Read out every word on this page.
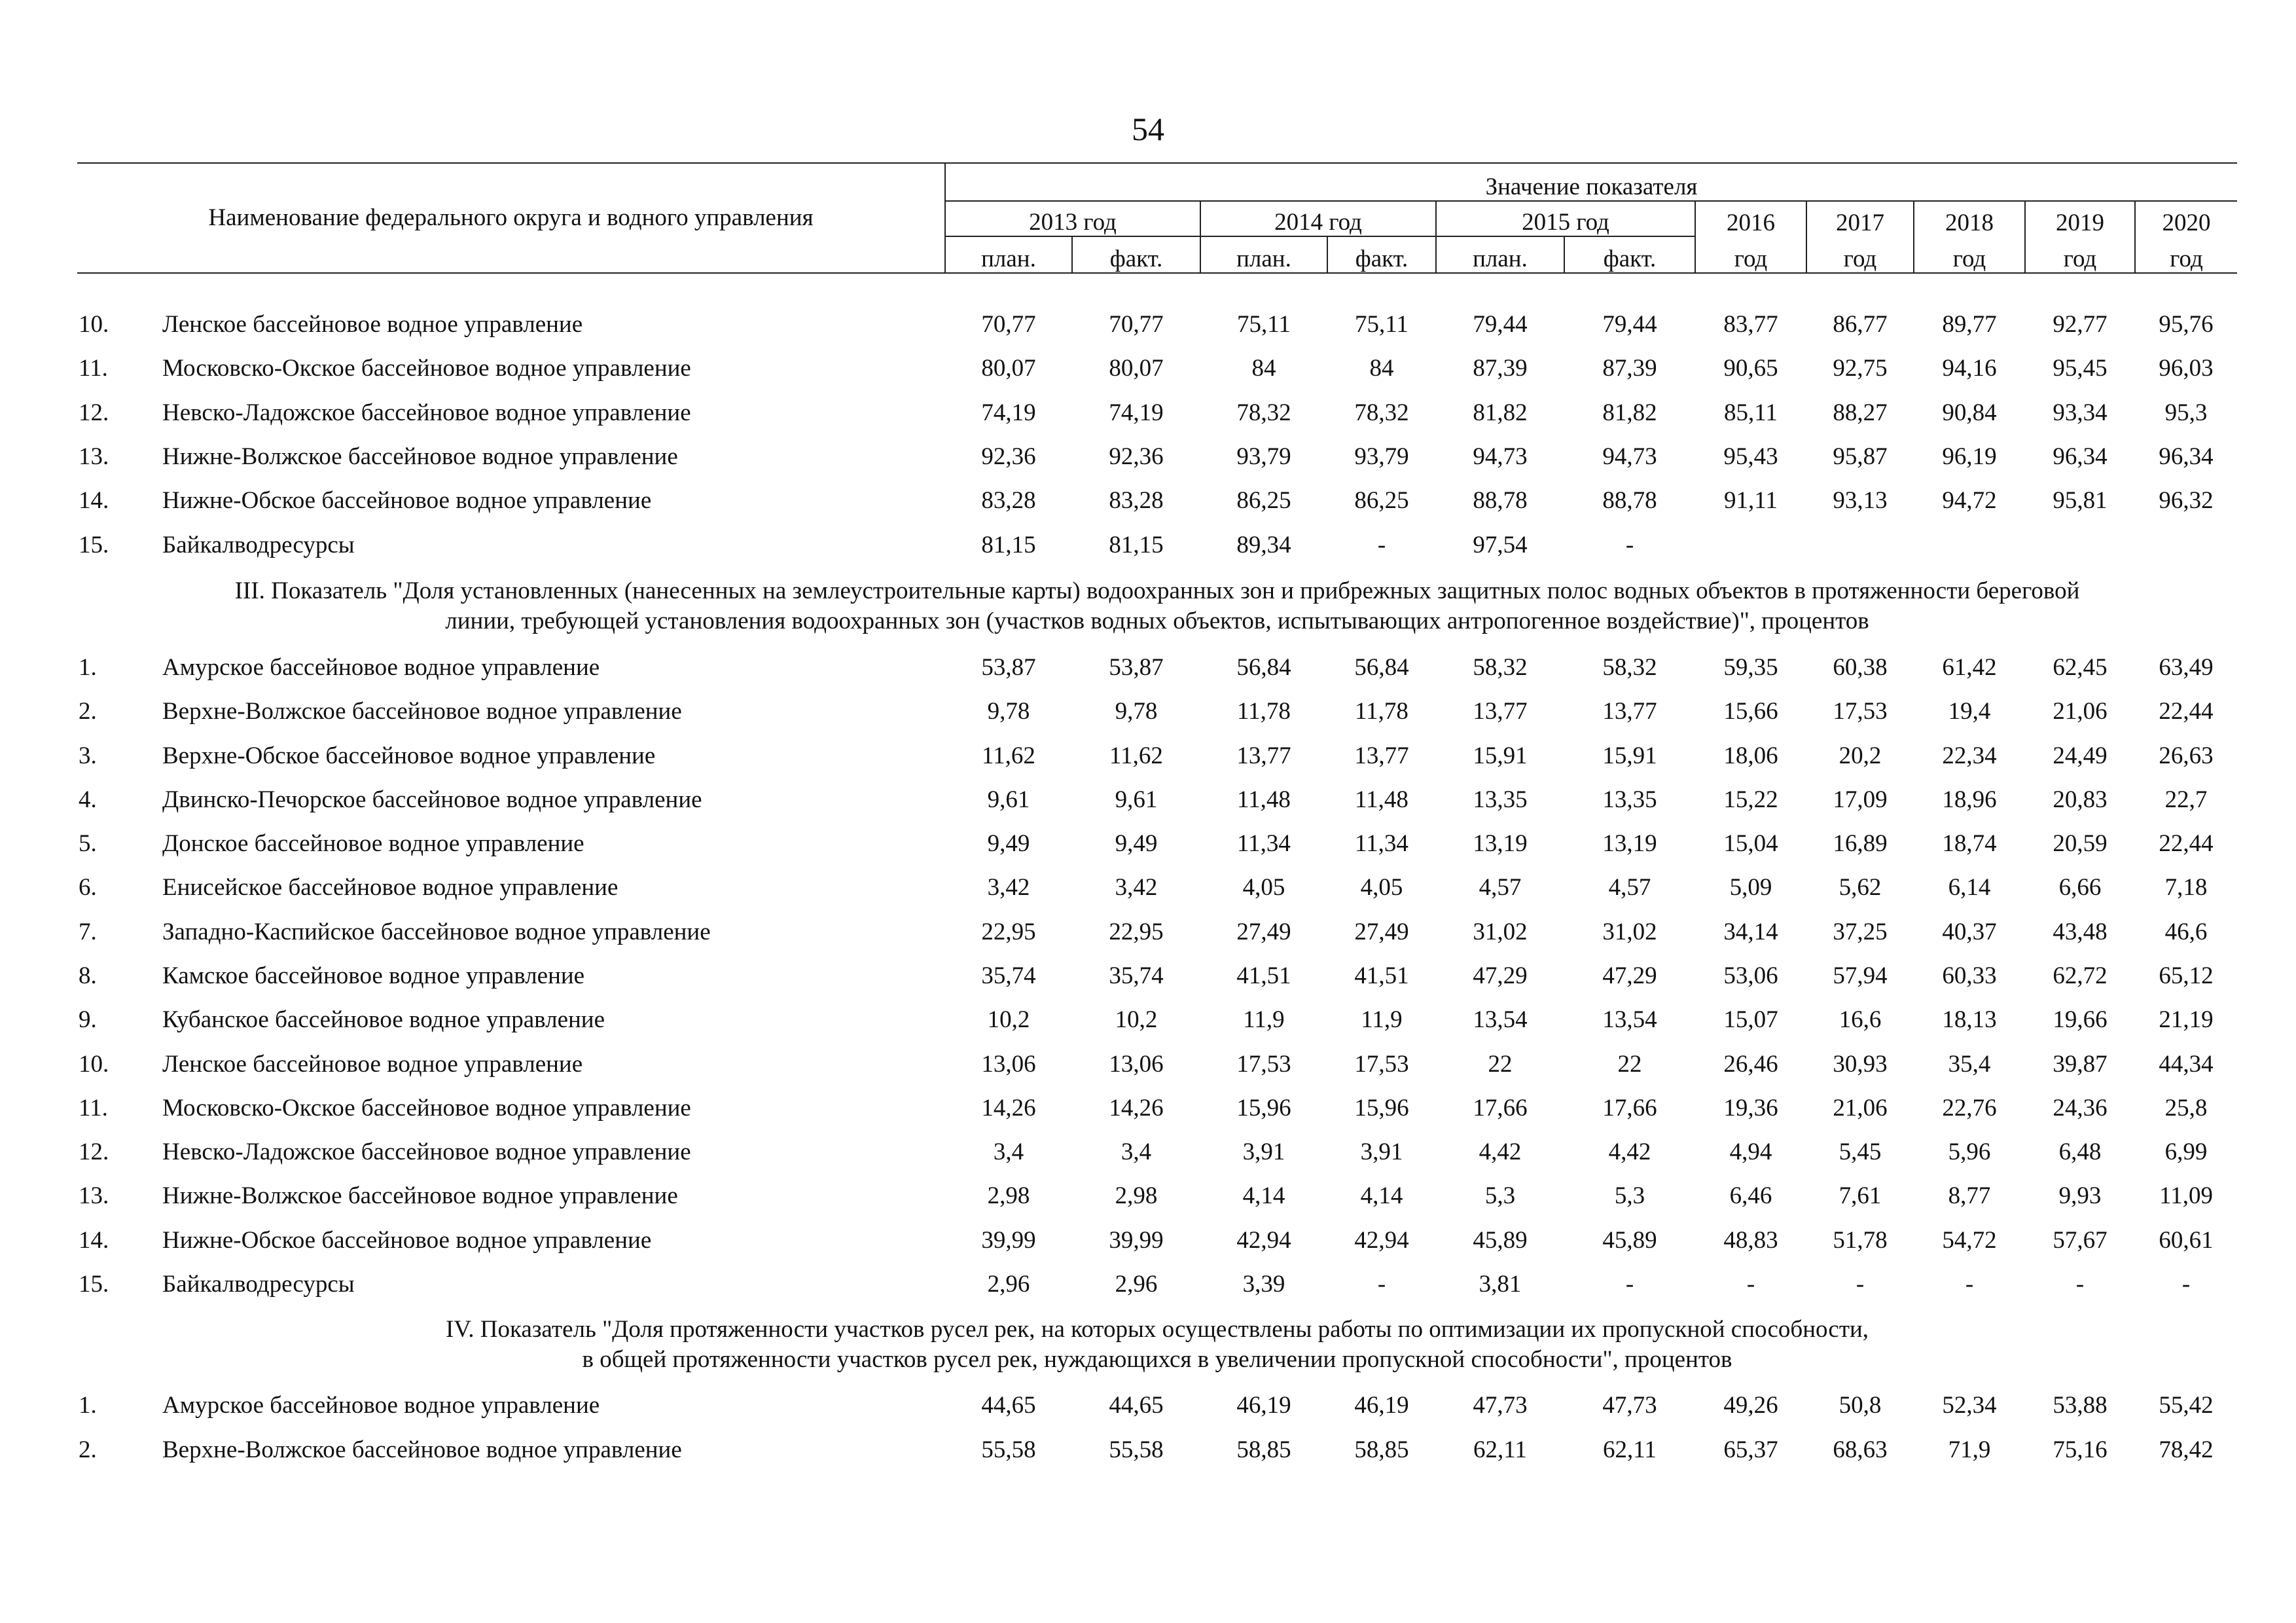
54
Наименование федерального округа и водного управления		Значение показателя										
		2013 год		2014 год		2015 год		2016	2017	2018	2019	2020
		план.	факт.	план.	факт.	план.	факт.	год	год	год	год	год

10.	Ленское бассейновое водное управление	70,77	70,77	75,11	75,11	79,44	79,44	83,77	86,77	89,77	92,77	95,76
11.	Московско-Окское бассейновое водное управление	80,07	80,07	84	84	87,39	87,39	90,65	92,75	94,16	95,45	96,03
12.	Невско-Ладожское бассейновое водное управление	74,19	74,19	78,32	78,32	81,82	81,82	85,11	88,27	90,84	93,34	95,3
13.	Нижне-Волжское бассейновое водное управление	92,36	92,36	93,79	93,79	94,73	94,73	95,43	95,87	96,19	96,34	96,34
14.	Нижне-Обское бассейновое водное управление	83,28	83,28	86,25	86,25	88,78	88,78	91,11	93,13	94,72	95,81	96,32
15.	Байкалводресурсы	81,15	81,15	89,34	-	97,54	-					

III. Показатель "Доля установленных (нанесенных на землеустроительные карты) водоохранных зон и прибрежных защитных полос водных объектов в протяженности береговой
линии, требующей установления водоохранных зон (участков водных объектов, испытывающих антропогенное воздействие)", процентов												

1.	Амурское бассейновое водное управление	53,87	53,87	56,84	56,84	58,32	58,32	59,35	60,38	61,42	62,45	63,49
2.	Верхне-Волжское бассейновое водное управление	9,78	9,78	11,78	11,78	13,77	13,77	15,66	17,53	19,4	21,06	22,44
3.	Верхне-Обское бассейновое водное управление	11,62	11,62	13,77	13,77	15,91	15,91	18,06	20,2	22,34	24,49	26,63
4.	Двинско-Печорское бассейновое водное управление	9,61	9,61	11,48	11,48	13,35	13,35	15,22	17,09	18,96	20,83	22,7
5.	Донское бассейновое водное управление	9,49	9,49	11,34	11,34	13,19	13,19	15,04	16,89	18,74	20,59	22,44
6.	Енисейское бассейновое водное управление	3,42	3,42	4,05	4,05	4,57	4,57	5,09	5,62	6,14	6,66	7,18
7.	Западно-Каспийское бассейновое водное управление	22,95	22,95	27,49	27,49	31,02	31,02	34,14	37,25	40,37	43,48	46,6
8.	Камское бассейновое водное управление	35,74	35,74	41,51	41,51	47,29	47,29	53,06	57,94	60,33	62,72	65,12
9.	Кубанское бассейновое водное управление	10,2	10,2	11,9	11,9	13,54	13,54	15,07	16,6	18,13	19,66	21,19
10.	Ленское бассейновое водное управление	13,06	13,06	17,53	17,53	22	22	26,46	30,93	35,4	39,87	44,34
11.	Московско-Окское бассейновое водное управление	14,26	14,26	15,96	15,96	17,66	17,66	19,36	21,06	22,76	24,36	25,8
12.	Невско-Ладожское бассейновое водное управление	3,4	3,4	3,91	3,91	4,42	4,42	4,94	5,45	5,96	6,48	6,99
13.	Нижне-Волжское бассейновое водное управление	2,98	2,98	4,14	4,14	5,3	5,3	6,46	7,61	8,77	9,93	11,09
14.	Нижне-Обское бассейновое водное управление	39,99	39,99	42,94	42,94	45,89	45,89	48,83	51,78	54,72	57,67	60,61
15.	Байкалводресурсы	2,96	2,96	3,39	-	3,81	-	-	-	-	-	-

IV. Показатель "Доля протяженности участков русел рек, на которых осуществлены работы по оптимизации их пропускной способности,
в общей протяженности участков русел рек, нуждающихся в увеличении пропускной способности", процентов												

1.	Амурское бассейновое водное управление	44,65	44,65	46,19	46,19	47,73	47,73	49,26	50,8	52,34	53,88	55,42
2.	Верхне-Волжское бассейновое водное управление	55,58	55,58	58,85	58,85	62,11	62,11	65,37	68,63	71,9	75,16	78,42
